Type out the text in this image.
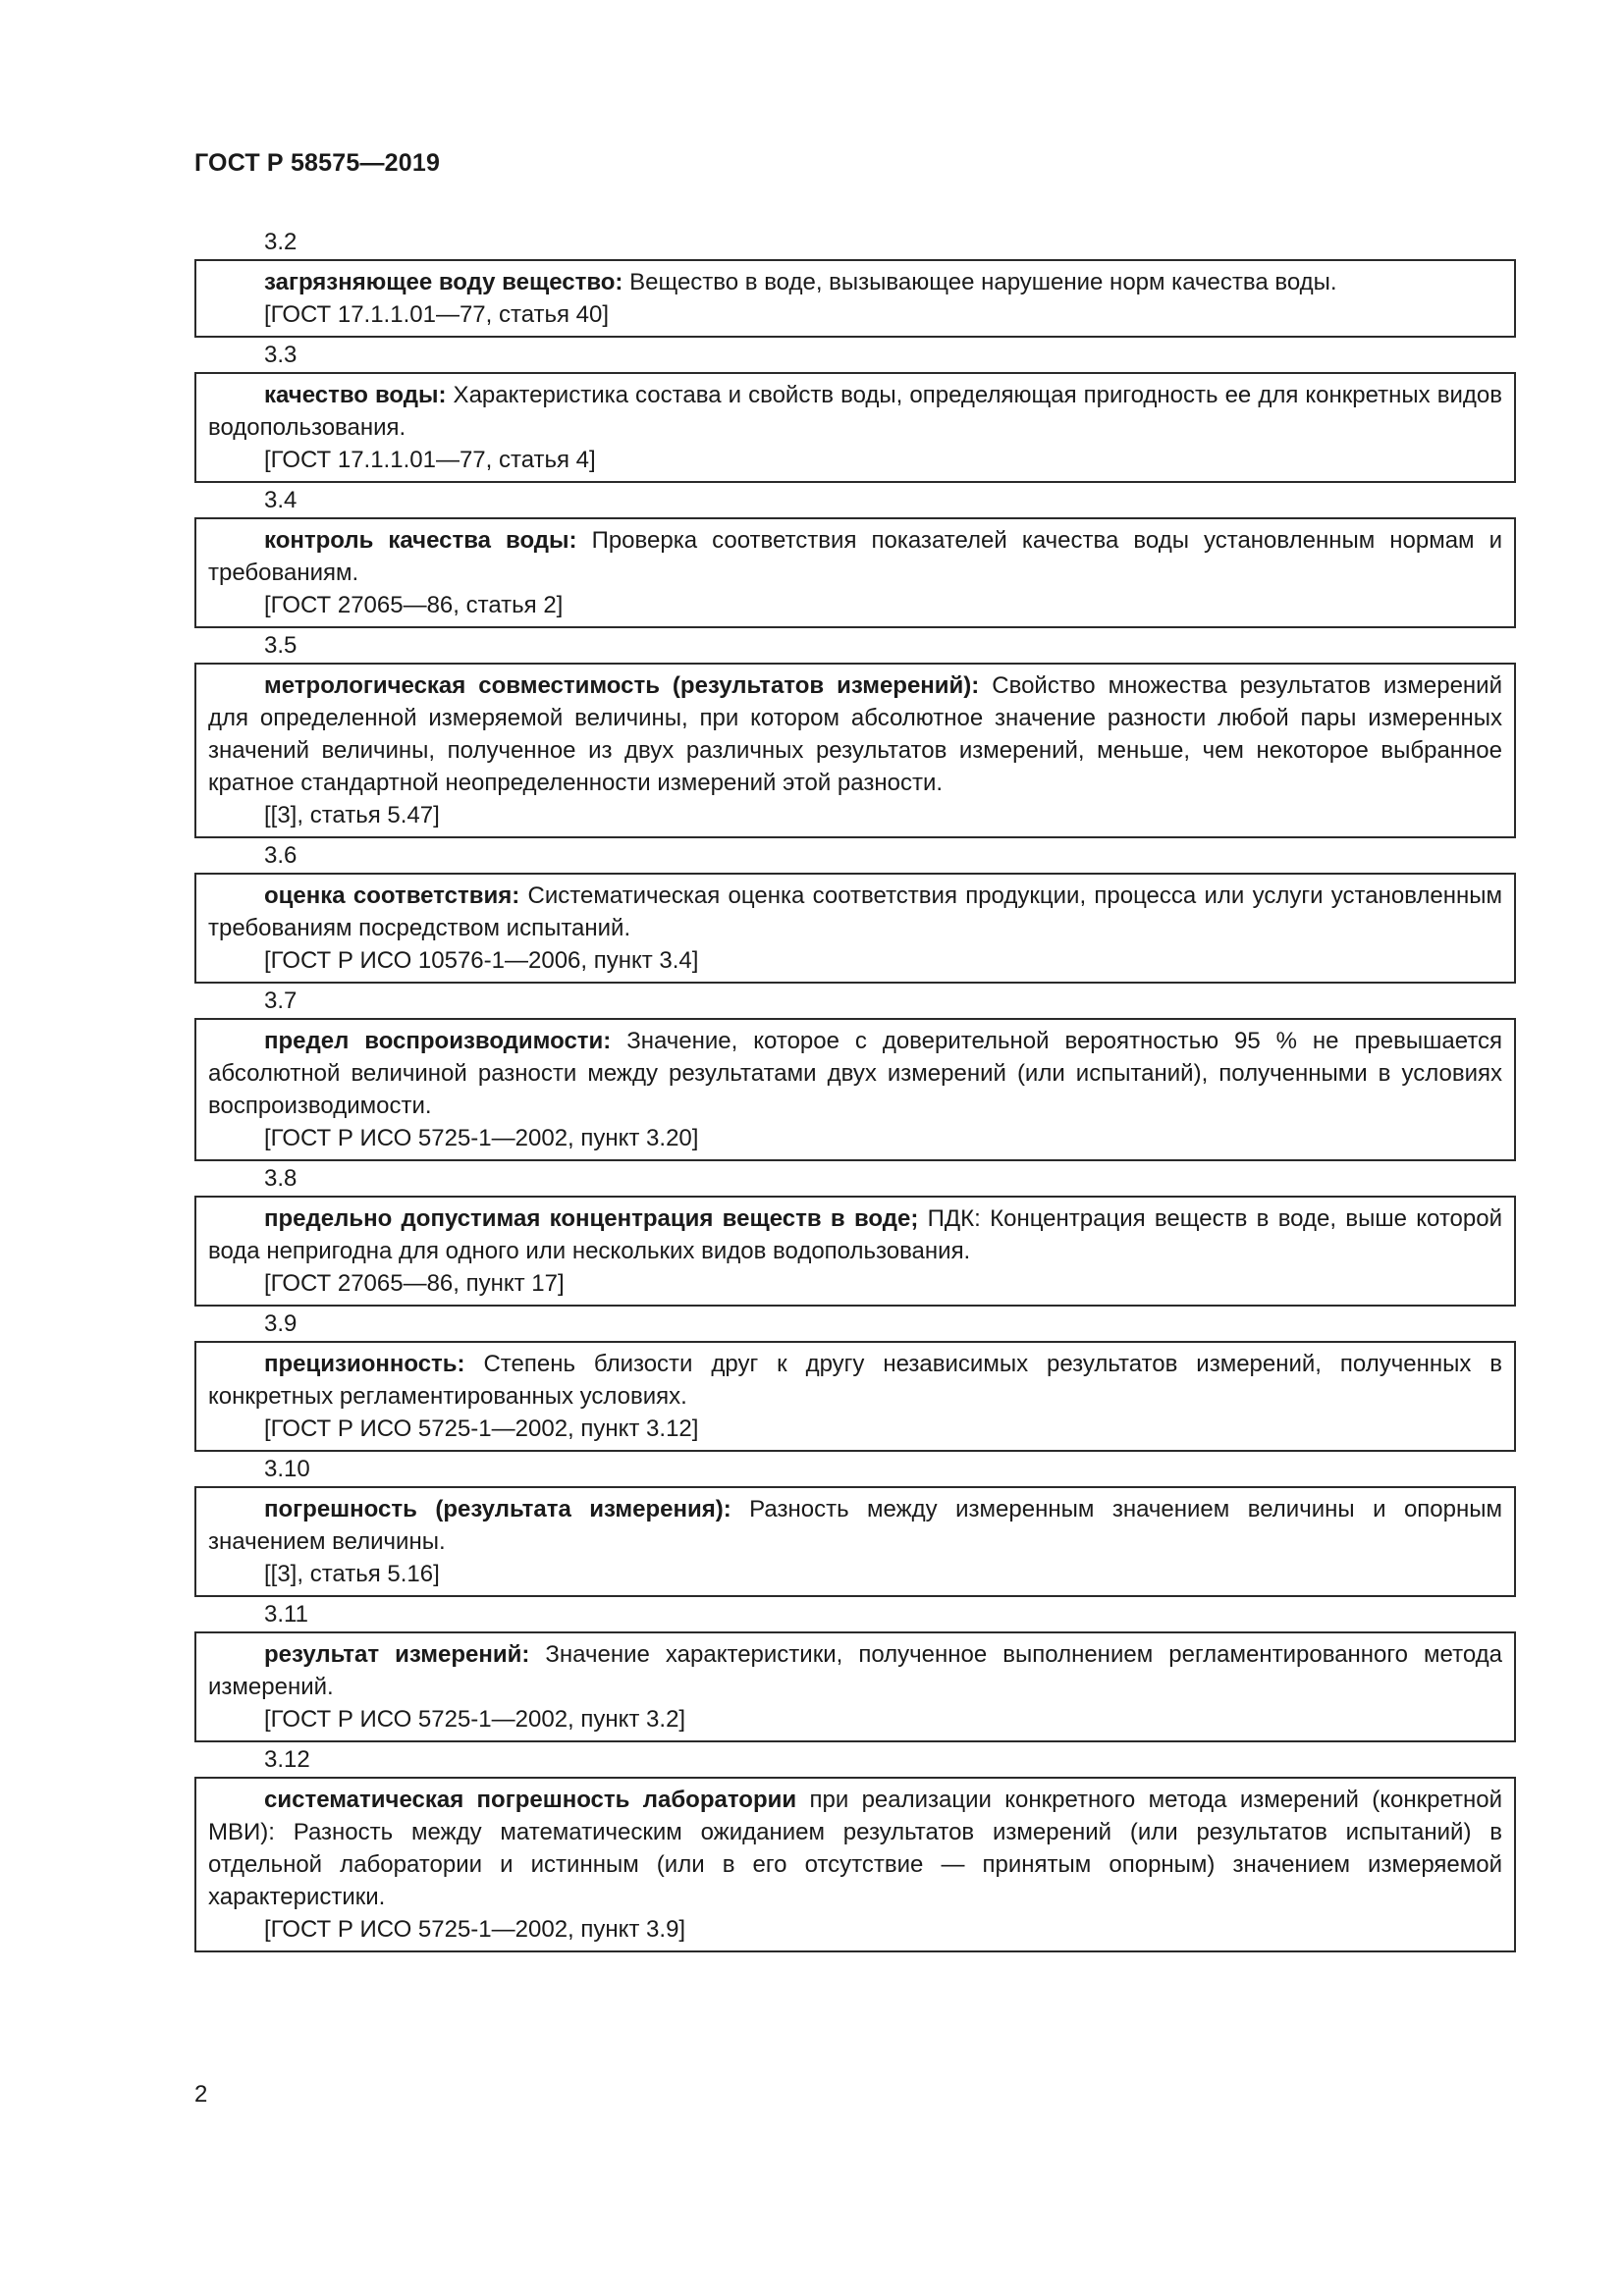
ГОСТ Р 58575—2019
3.2

загрязняющее воду вещество: Вещество в воде, вызывающее нарушение норм качества воды.

[ГОСТ 17.1.1.01—77, статья 40]

3.3

качество воды: Характеристика состава и свойств воды, определяющая пригодность ее для конкретных видов водопользования.

[ГОСТ 17.1.1.01—77, статья 4]

3.4

контроль качества воды: Проверка соответствия показателей качества воды установленным нормам и требованиям.

[ГОСТ 27065—86, статья 2]

3.5

метрологическая совместимость (результатов измерений): Свойство множества результатов измерений для определенной измеряемой величины, при котором абсолютное значение разности любой пары измеренных значений величины, полученное из двух различных результатов измерений, меньше, чем некоторое выбранное кратное стандартной неопределенности измерений этой разности.

[[3], статья 5.47]

3.6

оценка соответствия: Систематическая оценка соответствия продукции, процесса или услуги установленным требованиям посредством испытаний.

[ГОСТ Р ИСО 10576-1—2006, пункт 3.4]

3.7

предел воспроизводимости: Значение, которое с доверительной вероятностью 95 % не превышается абсолютной величиной разности между результатами двух измерений (или испытаний), полученными в условиях воспроизводимости.

[ГОСТ Р ИСО 5725-1—2002, пункт 3.20]

3.8

предельно допустимая концентрация веществ в воде; ПДК: Концентрация веществ в воде, выше которой вода непригодна для одного или нескольких видов водопользования.

[ГОСТ 27065—86, пункт 17]

3.9

прецизионность: Степень близости друг к другу независимых результатов измерений, полученных в конкретных регламентированных условиях.

[ГОСТ Р ИСО 5725-1—2002, пункт 3.12]

3.10

погрешность (результата измерения): Разность между измеренным значением величины и опорным значением величины.

[[3], статья 5.16]

3.11

результат измерений: Значение характеристики, полученное выполнением регламентированного метода измерений.

[ГОСТ Р ИСО 5725-1—2002, пункт 3.2]

3.12

систематическая погрешность лаборатории при реализации конкретного метода измерений (конкретной МВИ): Разность между математическим ожиданием результатов измерений (или результатов испытаний) в отдельной лаборатории и истинным (или в его отсутствие — принятым опорным) значением измеряемой характеристики.

[ГОСТ Р ИСО 5725-1—2002, пункт 3.9]

2
